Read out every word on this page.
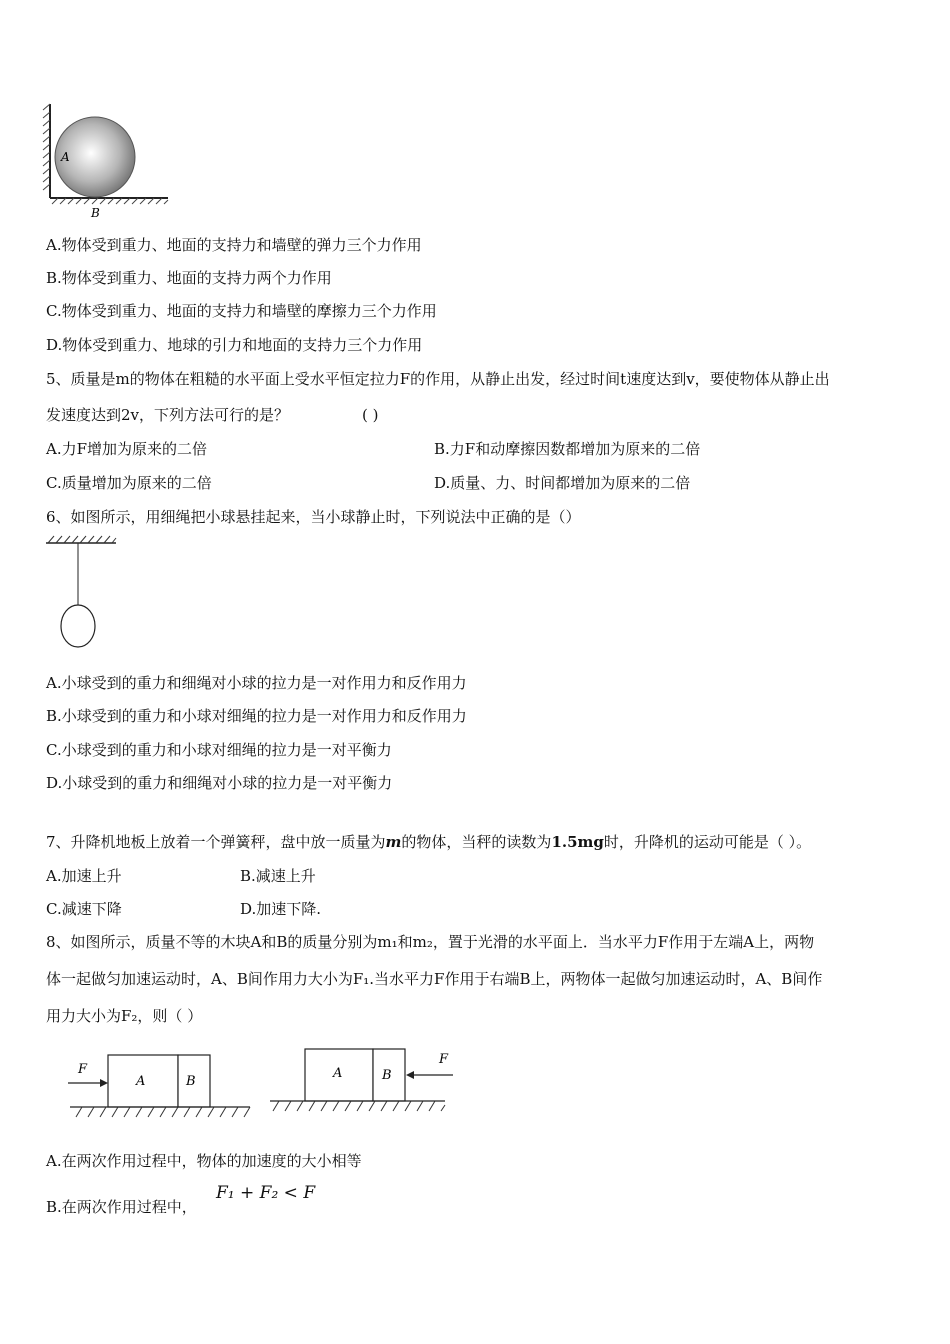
A
B
A.物体受到重力、地面的支持力和墙壁的弹力三个力作用
B.物体受到重力、地面的支持力两个力作用
C.物体受到重力、地面的支持力和墙壁的摩擦力三个力作用
D.物体受到重力、地球的引力和地面的支持力三个力作用
5、质量是m的物体在粗糙的水平面上受水平恒定拉力F的作用，从静止出发，经过时间t速度达到v，要使物体从静止出
发速度达到2v，下列方法可行的是？	( )
A.力F增加为原来的二倍	B.力F和动摩擦因数都增加为原来的二倍
C.质量增加为原来的二倍	D.质量、力、时间都增加为原来的二倍
6、如图所示，用细绳把小球悬挂起来，当小球静止时，下列说法中正确的是（）
A.小球受到的重力和细绳对小球的拉力是一对作用力和反作用力
B.小球受到的重力和小球对细绳的拉力是一对作用力和反作用力
C.小球受到的重力和小球对细绳的拉力是一对平衡力
D.小球受到的重力和细绳对小球的拉力是一对平衡力
7、升降机地板上放着一个弹簧秤，盘中放一质量为m的物体，当秤的读数为1.5mg时，升降机的运动可能是（ ）。
A.加速上升	B.减速上升
C.减速下降	D.加速下降.
8、如图所示，质量不等的木块A和B的质量分别为m₁和m₂，置于光滑的水平面上．当水平力F作用于左端A上，两物
体一起做匀加速运动时，A、B间作用力大小为F₁.当水平力F作用于右端B上，两物体一起做匀加速运动时，A、B间作
用力大小为F₂，则（ ）
A	B
F	A	B
F
A.在两次作用过程中，物体的加速度的大小相等
B.在两次作用过程中，
F₁ + F₂ < F
